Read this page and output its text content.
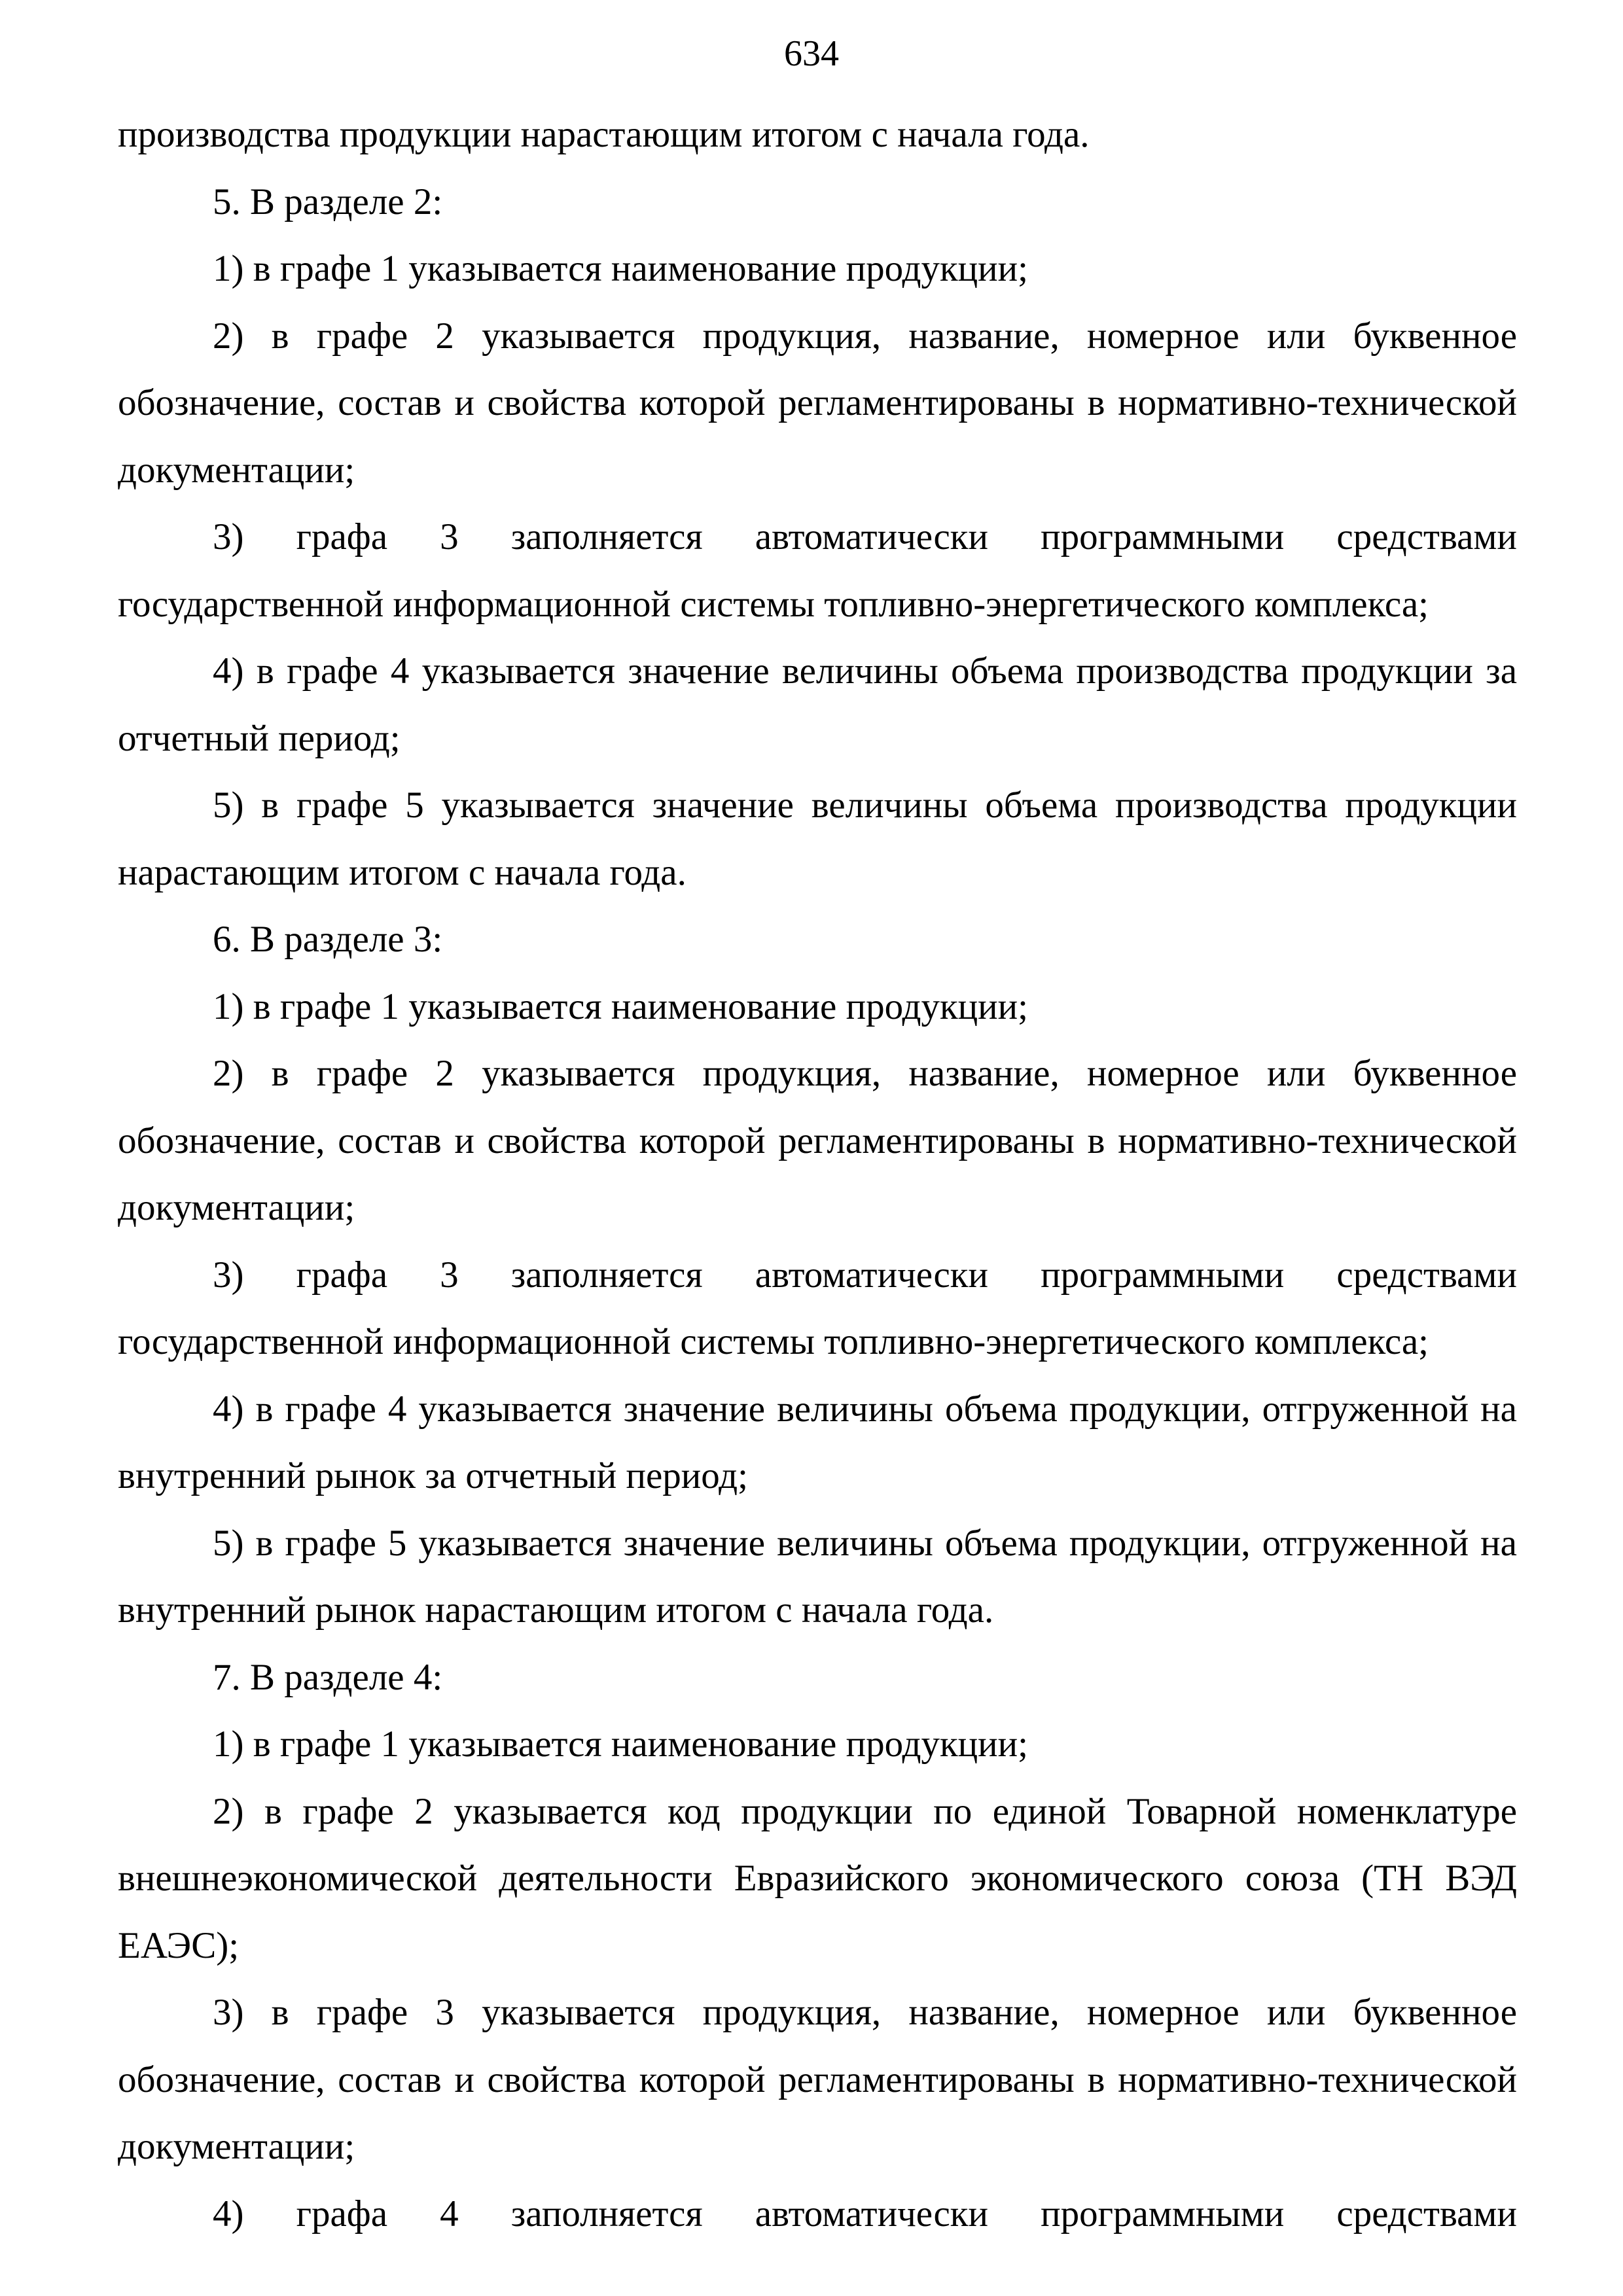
634

производства продукции нарастающим итогом с начала года.

5. В разделе 2:

1) в графе 1 указывается наименование продукции;

2) в графе 2 указывается продукция, название, номерное или буквенное обозначение, состав и свойства которой регламентированы в нормативно-технической документации;

3) графа 3 заполняется автоматически программными средствами государственной информационной системы топливно-энергетического комплекса;

4) в графе 4 указывается значение величины объема производства продукции за отчетный период;

5) в графе 5 указывается значение величины объема производства продукции нарастающим итогом с начала года.

6. В разделе 3:

1) в графе 1 указывается наименование продукции;

2) в графе 2 указывается продукция, название, номерное или буквенное обозначение, состав и свойства которой регламентированы в нормативно-технической документации;

3) графа 3 заполняется автоматически программными средствами государственной информационной системы топливно-энергетического комплекса;

4) в графе 4 указывается значение величины объема продукции, отгруженной на внутренний рынок за отчетный период;

5) в графе 5 указывается значение величины объема продукции, отгруженной на внутренний рынок нарастающим итогом с начала года.

7. В разделе 4:

1) в графе 1 указывается наименование продукции;

2) в графе 2 указывается код продукции по единой Товарной номенклатуре внешнеэкономической деятельности Евразийского экономического союза (ТН ВЭД ЕАЭС);

3) в графе 3 указывается продукция, название, номерное или буквенное обозначение, состав и свойства которой регламентированы в нормативно-технической документации;

4) графа 4 заполняется автоматически программными средствами
